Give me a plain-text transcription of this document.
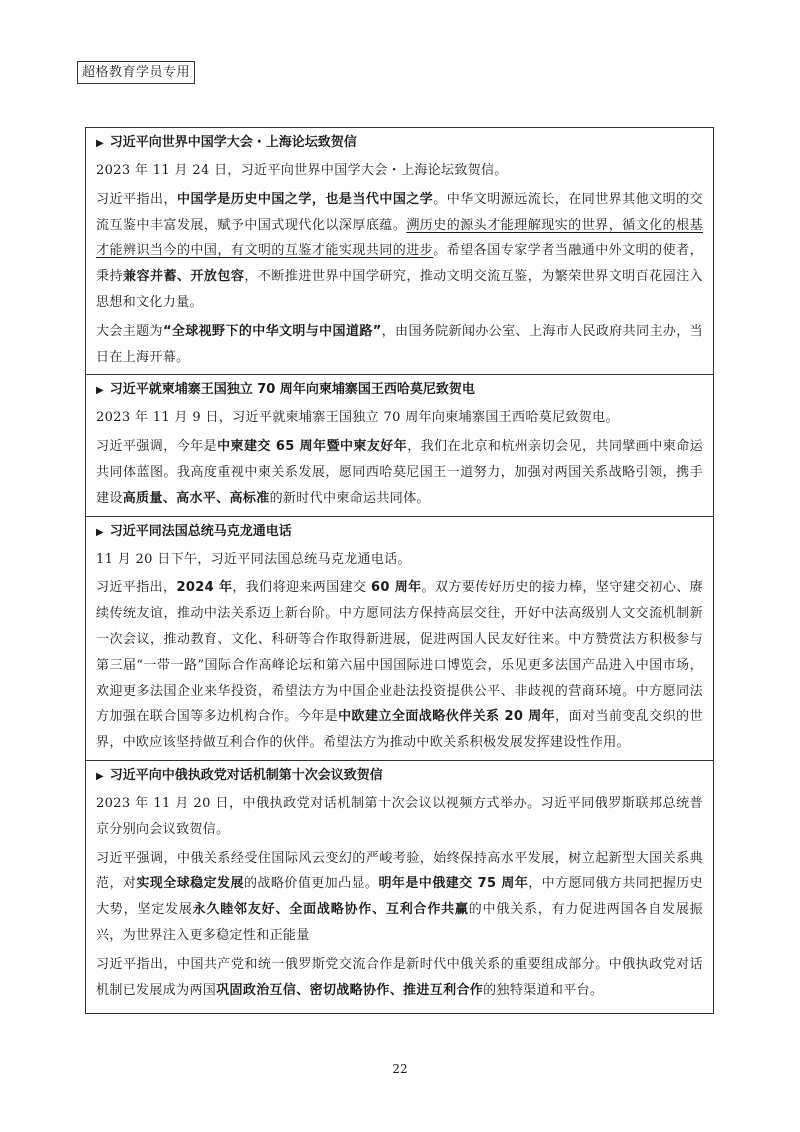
超格教育学员专用
▶ 习近平向世界中国学大会・上海论坛致贺信
2023 年 11 月 24 日，习近平向世界中国学大会・上海论坛致贺信。
习近平指出，中国学是历史中国之学，也是当代中国之学。中华文明源远流长，在同世界其他文明的交流互鉴中丰富发展，赋予中国式现代化以深厚底蕴。溯历史的源头才能理解现实的世界，循文化的根基才能辨识当今的中国，有文明的互鉴才能实现共同的进步。希望各国专家学者当融通中外文明的使者，秉持兼容并蓄、开放包容，不断推进世界中国学研究，推动文明交流互鉴，为繁荣世界文明百花园注入思想和文化力量。
大会主题为“全球视野下的中华文明与中国道路”，由国务院新闻办公室、上海市人民政府共同主办，当日在上海开幕。
▶ 习近平就柬埔寨王国独立 70 周年向柬埔寨国王西哈莫尼致贺电
2023 年 11 月 9 日，习近平就柬埔寨王国独立 70 周年向柬埔寨国王西哈莫尼致贺电。
习近平强调，今年是中柬建交 65 周年暨中柬友好年，我们在北京和杭州亲切会见，共同擘画中柬命运共同体蓝图。我高度重视中柬关系发展，愿同西哈莫尼国王一道努力，加强对两国关系战略引领，携手建设高质量、高水平、高标准的新时代中柬命运共同体。
▶ 习近平同法国总统马克龙通电话
11 月 20 日下午，习近平同法国总统马克龙通电话。
习近平指出，2024 年，我们将迎来两国建交 60 周年。双方要传好历史的接力棒，坚守建交初心、赓续传统友谊，推动中法关系迈上新台阶。中方愿同法方保持高层交往，开好中法高级别人文交流机制新一次会议，推动教育、文化、科研等合作取得新进展，促进两国人民友好往来。中方赞赏法方积极参与第三届“一带一路”国际合作高峰论坛和第六届中国国际进口博览会，乐见更多法国产品进入中国市场，欢迎更多法国企业来华投资，希望法方为中国企业赴法投资提供公平、非歧视的营商环境。中方愿同法方加强在联合国等多边机构合作。今年是中欧建立全面战略伙伴关系 20 周年，面对当前变乱交织的世界，中欧应该坚持做互利合作的伙伴。希望法方为推动中欧关系积极发展发挥建设性作用。
▶ 习近平向中俄执政党对话机制第十次会议致贺信
2023 年 11 月 20 日，中俄执政党对话机制第十次会议以视频方式举办。习近平同俄罗斯联邦总统普京分别向会议致贺信。
习近平强调，中俄关系经受住国际风云变幻的严峻考验，始终保持高水平发展，树立起新型大国关系典范，对实现全球稳定发展的战略价值更加凸显。明年是中俄建交 75 周年，中方愿同俄方共同把握历史大势，坚定发展永久睦邻友好、全面战略协作、互利合作共赢的中俄关系，有力促进两国各自发展振兴，为世界注入更多稳定性和正能量
习近平指出，中国共产党和统一俄罗斯党交流合作是新时代中俄关系的重要组成部分。中俄执政党对话机制已发展成为两国巩固政治互信、密切战略协作、推进互利合作的独特渠道和平台。
22
